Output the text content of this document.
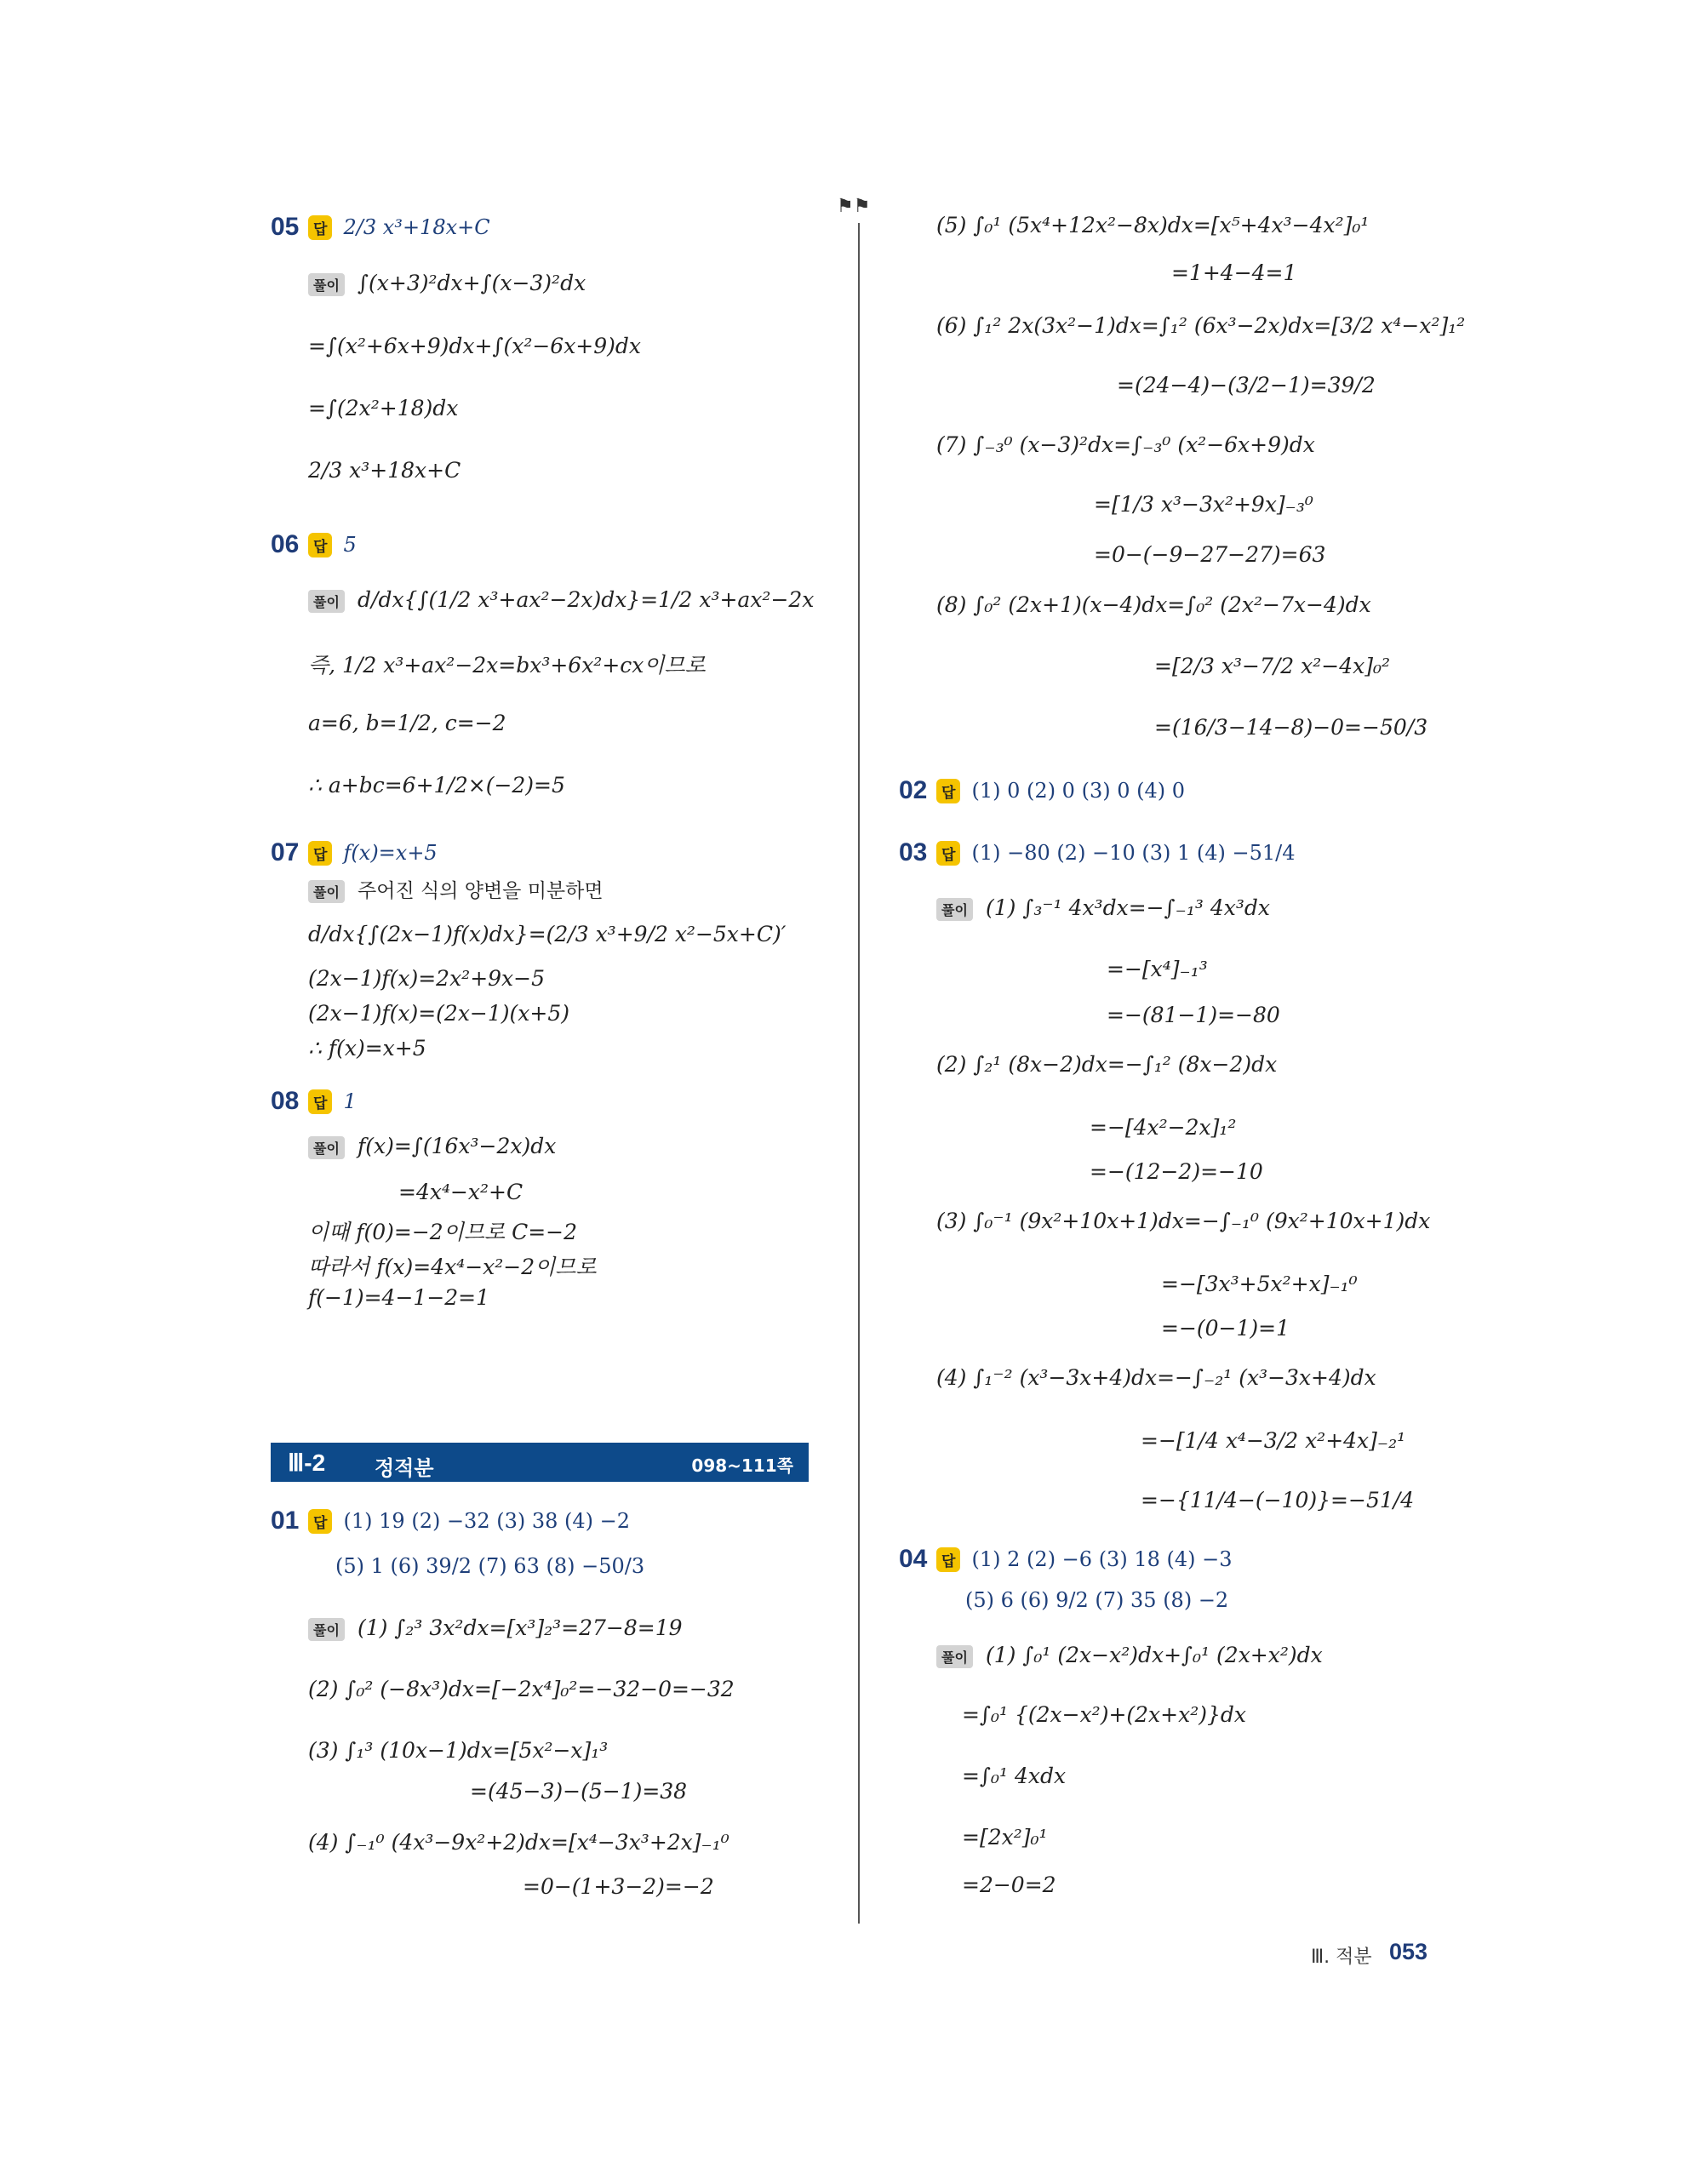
⚑⚑
05 답 2/3 x³+18x+C
풀이 ∫(x+3)²dx+∫(x−3)²dx
=∫(x²+6x+9)dx+∫(x²−6x+9)dx
=∫(2x²+18)dx
2/3 x³+18x+C
06 답 5
풀이 d/dx{∫(1/2 x³+ax²−2x)dx}=1/2 x³+ax²−2x
즉, 1/2 x³+ax²−2x=bx³+6x²+cx이므로
a=6, b=1/2, c=−2
∴ a+bc=6+1/2×(−2)=5
07 답 f(x)=x+5
풀이 주어진 식의 양변을 미분하면
d/dx{∫(2x−1)f(x)dx}=(2/3 x³+9/2 x²−5x+C)′
(2x−1)f(x)=2x²+9x−5
(2x−1)f(x)=(2x−1)(x+5)
∴ f(x)=x+5
08 답 1
풀이 f(x)=∫(16x³−2x)dx
=4x⁴−x²+C
이때 f(0)=−2이므로 C=−2
따라서 f(x)=4x⁴−x²−2이므로
f(−1)=4−1−2=1
Ⅲ-2 정적분	098~111쪽
01 답 (1) 19 (2) −32 (3) 38 (4) −2
(5) 1 (6) 39/2 (7) 63 (8) −50/3
풀이 (1) ∫₂³ 3x²dx=[x³]₂³=27−8=19
(2) ∫₀² (−8x³)dx=[−2x⁴]₀²=−32−0=−32
(3) ∫₁³ (10x−1)dx=[5x²−x]₁³
=(45−3)−(5−1)=38
(4) ∫₋₁⁰ (4x³−9x²+2)dx=[x⁴−3x³+2x]₋₁⁰
=0−(1+3−2)=−2
(5) ∫₀¹ (5x⁴+12x²−8x)dx=[x⁵+4x³−4x²]₀¹
=1+4−4=1
(6) ∫₁² 2x(3x²−1)dx=∫₁² (6x³−2x)dx=[3/2 x⁴−x²]₁²
=(24−4)−(3/2−1)=39/2
(7) ∫₋₃⁰ (x−3)²dx=∫₋₃⁰ (x²−6x+9)dx
=[1/3 x³−3x²+9x]₋₃⁰
=0−(−9−27−27)=63
(8) ∫₀² (2x+1)(x−4)dx=∫₀² (2x²−7x−4)dx
=[2/3 x³−7/2 x²−4x]₀²
=(16/3−14−8)−0=−50/3
02 답 (1) 0 (2) 0 (3) 0 (4) 0
03 답 (1) −80 (2) −10 (3) 1 (4) −51/4
풀이 (1) ∫₃⁻¹ 4x³dx=−∫₋₁³ 4x³dx
=−[x⁴]₋₁³
=−(81−1)=−80
(2) ∫₂¹ (8x−2)dx=−∫₁² (8x−2)dx
=−[4x²−2x]₁²
=−(12−2)=−10
(3) ∫₀⁻¹ (9x²+10x+1)dx=−∫₋₁⁰ (9x²+10x+1)dx
=−[3x³+5x²+x]₋₁⁰
=−(0−1)=1
(4) ∫₁⁻² (x³−3x+4)dx=−∫₋₂¹ (x³−3x+4)dx
=−[1/4 x⁴−3/2 x²+4x]₋₂¹
=−{11/4−(−10)}=−51/4
04 답 (1) 2 (2) −6 (3) 18 (4) −3
(5) 6 (6) 9/2 (7) 35 (8) −2
풀이 (1) ∫₀¹ (2x−x²)dx+∫₀¹ (2x+x²)dx
=∫₀¹ {(2x−x²)+(2x+x²)}dx
=∫₀¹ 4xdx
=[2x²]₀¹
=2−0=2
Ⅲ. 적분 053
